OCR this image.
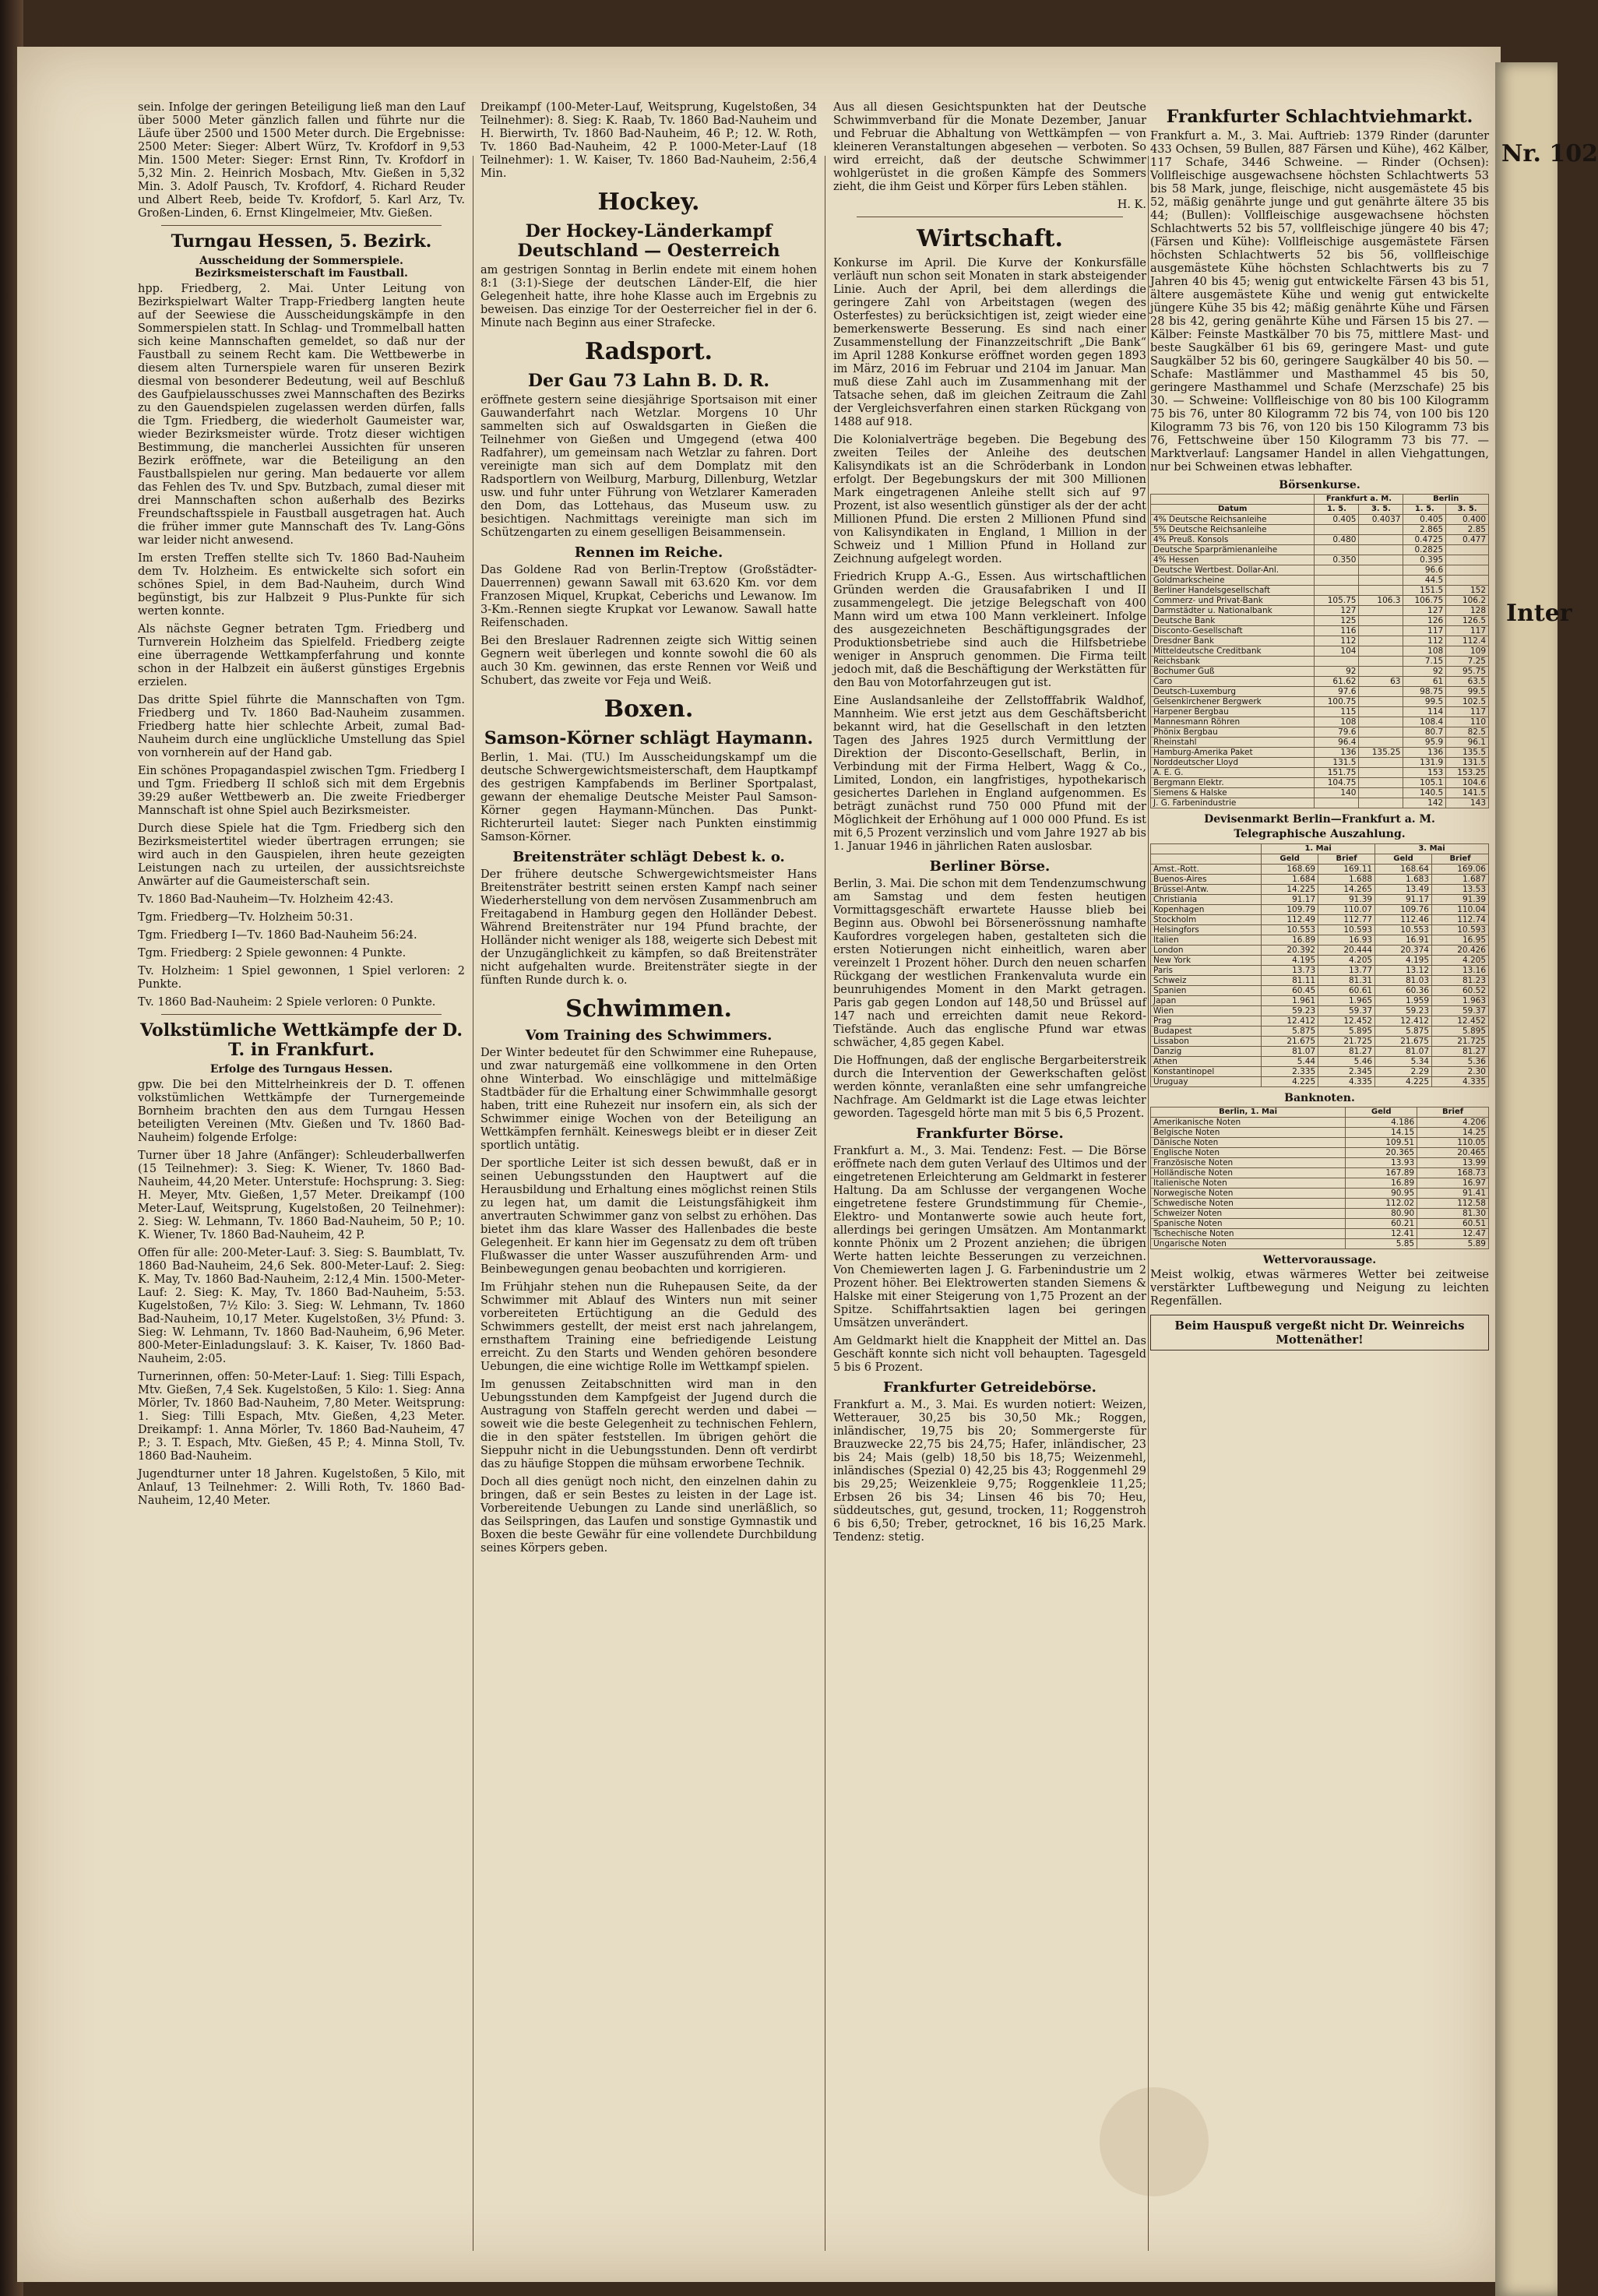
sein. Infolge der geringen Beteiligung ließ man den Lauf über 5000 Meter gänzlich fallen und führte nur die Läufe über 2500 und 1500 Meter durch. Die Ergebnisse: 2500 Meter: Sieger: Albert Würz, Tv. Krofdorf in 9,53 Min. 1500 Meter: Sieger: Ernst Rinn, Tv. Krofdorf in 5,32 Min. 2. Heinrich Mosbach, Mtv. Gießen in 5,32 Min. 3. Adolf Pausch, Tv. Krofdorf, 4. Richard Reuder und Albert Reeb, beide Tv. Krofdorf, 5. Karl Arz, Tv. Großen-Linden, 6. Ernst Klingelmeier, Mtv. Gießen.

Turngau Hessen, 5. Bezirk.
Ausscheidung der Sommerspiele. Bezirksmeisterschaft im Faustball.

hpp. Friedberg, 2. Mai. Unter Leitung von Bezirkspielwart Walter Trapp-Friedberg langten heute auf der Seewiese die Ausscheidungskämpfe in den Sommerspielen statt. In Schlag- und Trommelball hatten sich keine Mannschaften gemeldet, so daß nur der Faustball zu seinem Recht kam. Die Wettbewerbe in diesem alten Turnerspiele waren für unseren Bezirk diesmal von besonderer Bedeutung, weil auf Beschluß des Gaufpielausschusses zwei Mannschaften des Bezirks zu den Gauendspielen zugelassen werden dürfen, falls die Tgm. Friedberg, die wiederholt Gaumeister war, wieder Bezirksmeister würde. Trotz dieser wichtigen Bestimmung, die mancherlei Aussichten für unseren Bezirk eröffnete, war die Beteiligung an den Faustballspielen nur gering. Man bedauerte vor allem das Fehlen des Tv. und Spv. Butzbach, zumal dieser mit drei Mannschaften schon außerhalb des Bezirks Freundschaftsspiele in Faustball ausgetragen hat. Auch die früher immer gute Mannschaft des Tv. Lang-Göns war leider nicht anwesend.

Im ersten Treffen stellte sich Tv. 1860 Bad-Nauheim dem Tv. Holzheim. Es entwickelte sich sofort ein schönes Spiel, in dem Bad-Nauheim, durch Wind begünstigt, bis zur Halbzeit 9 Plus-Punkte für sich werten konnte.

Als nächste Gegner betraten Tgm. Friedberg und Turnverein Holzheim das Spielfeld. Friedberg zeigte eine überragende Wettkampferfahrung und konnte schon in der Halbzeit ein äußerst günstiges Ergebnis erzielen.

Das dritte Spiel führte die Mannschaften von Tgm. Friedberg und Tv. 1860 Bad-Nauheim zusammen. Friedberg hatte hier schlechte Arbeit, zumal Bad-Nauheim durch eine unglückliche Umstellung das Spiel von vornherein auf der Hand gab.

Ein schönes Propagandaspiel zwischen Tgm. Friedberg I und Tgm. Friedberg II schloß sich mit dem Ergebnis 39:29 außer Wettbewerb an. Die zweite Friedberger Mannschaft ist ohne Spiel auch Bezirksmeister.

Durch diese Spiele hat die Tgm. Friedberg sich den Bezirksmeistertitel wieder übertragen errungen; sie wird auch in den Gauspielen, ihren heute gezeigten Leistungen nach zu urteilen, der aussichtsreichste Anwärter auf die Gaumeisterschaft sein.

Tv. 1860 Bad-Nauheim—Tv. Holzheim 42:43.

Tgm. Friedberg—Tv. Holzheim 50:31.

Tgm. Friedberg I—Tv. 1860 Bad-Nauheim 56:24.

Tgm. Friedberg: 2 Spiele gewonnen: 4 Punkte.

Tv. Holzheim: 1 Spiel gewonnen, 1 Spiel verloren: 2 Punkte.

Tv. 1860 Bad-Nauheim: 2 Spiele verloren: 0 Punkte.

Volkstümliche Wettkämpfe der D. T. in Frankfurt.
Erfolge des Turngaus Hessen.

gpw. Die bei den Mittelrheinkreis der D. T. offenen volkstümlichen Wettkämpfe der Turnergemeinde Bornheim brachten den aus dem Turngau Hessen beteiligten Vereinen (Mtv. Gießen und Tv. 1860 Bad-Nauheim) folgende Erfolge:

Turner über 18 Jahre (Anfänger): Schleuderballwerfen (15 Teilnehmer): 3. Sieg: K. Wiener, Tv. 1860 Bad-Nauheim, 44,20 Meter. Unterstufe: Hochsprung: 3. Sieg: H. Meyer, Mtv. Gießen, 1,57 Meter. Dreikampf (100 Meter-Lauf, Weitsprung, Kugelstoßen, 20 Teilnehmer): 2. Sieg: W. Lehmann, Tv. 1860 Bad-Nauheim, 50 P.; 10. K. Wiener, Tv. 1860 Bad-Nauheim, 42 P.

Offen für alle: 200-Meter-Lauf: 3. Sieg: S. Baumblatt, Tv. 1860 Bad-Nauheim, 24,6 Sek. 800-Meter-Lauf: 2. Sieg: K. May, Tv. 1860 Bad-Nauheim, 2:12,4 Min. 1500-Meter-Lauf: 2. Sieg: K. May, Tv. 1860 Bad-Nauheim, 5:53. Kugelstoßen, 7½ Kilo: 3. Sieg: W. Lehmann, Tv. 1860 Bad-Nauheim, 10,17 Meter. Kugelstoßen, 3½ Pfund: 3. Sieg: W. Lehmann, Tv. 1860 Bad-Nauheim, 6,96 Meter. 800-Meter-Einladungslauf: 3. K. Kaiser, Tv. 1860 Bad-Nauheim, 2:05.

Turnerinnen, offen: 50-Meter-Lauf: 1. Sieg: Tilli Espach, Mtv. Gießen, 7,4 Sek. Kugelstoßen, 5 Kilo: 1. Sieg: Anna Mörler, Tv. 1860 Bad-Nauheim, 7,80 Meter. Weitsprung: 1. Sieg: Tilli Espach, Mtv. Gießen, 4,23 Meter. Dreikampf: 1. Anna Mörler, Tv. 1860 Bad-Nauheim, 47 P.; 3. T. Espach, Mtv. Gießen, 45 P.; 4. Minna Stoll, Tv. 1860 Bad-Nauheim.

Jugendturner unter 18 Jahren. Kugelstoßen, 5 Kilo, mit Anlauf, 13 Teilnehmer: 2. Willi Roth, Tv. 1860 Bad-Nauheim, 12,40 Meter.

Dreikampf (100-Meter-Lauf, Weitsprung, Kugelstoßen, 34 Teilnehmer): 8. Sieg: K. Raab, Tv. 1860 Bad-Nauheim und H. Bierwirth, Tv. 1860 Bad-Nauheim, 46 P.; 12. W. Roth, Tv. 1860 Bad-Nauheim, 42 P. 1000-Meter-Lauf (18 Teilnehmer): 1. W. Kaiser, Tv. 1860 Bad-Nauheim, 2:56,4 Min.

Hockey.
Der Hockey-Länderkampf Deutschland — Oesterreich

am gestrigen Sonntag in Berlin endete mit einem hohen 8:1 (3:1)-Siege der deutschen Länder-Elf, die hier Gelegenheit hatte, ihre hohe Klasse auch im Ergebnis zu beweisen. Das einzige Tor der Oesterreicher fiel in der 6. Minute nach Beginn aus einer Strafecke.

Radsport.
Der Gau 73 Lahn B. D. R.

eröffnete gestern seine diesjährige Sportsaison mit einer Gauwanderfahrt nach Wetzlar. Morgens 10 Uhr sammelten sich auf Oswaldsgarten in Gießen die Teilnehmer von Gießen und Umgegend (etwa 400 Radfahrer), um gemeinsam nach Wetzlar zu fahren. Dort vereinigte man sich auf dem Domplatz mit den Radsportlern von Weilburg, Marburg, Dillenburg, Wetzlar usw. und fuhr unter Führung von Wetzlarer Kameraden den Dom, das Lottehaus, das Museum usw. zu besichtigen. Nachmittags vereinigte man sich im Schützengarten zu einem geselligen Beisammensein.

Rennen im Reiche.

Das Goldene Rad von Berlin-Treptow (Großstädter-Dauerrennen) gewann Sawall mit 63.620 Km. vor dem Franzosen Miquel, Krupkat, Ceberichs und Lewanow. Im 3-Km.-Rennen siegte Krupkat vor Lewanow. Sawall hatte Reifenschaden.

Bei den Breslauer Radrennen zeigte sich Wittig seinen Gegnern weit überlegen und konnte sowohl die 60 als auch 30 Km. gewinnen, das erste Rennen vor Weiß und Schubert, das zweite vor Feja und Weiß.

Boxen.
Samson-Körner schlägt Haymann.

Berlin, 1. Mai. (TU.) Im Ausscheidungskampf um die deutsche Schwergewichtsmeisterschaft, dem Hauptkampf des gestrigen Kampfabends im Berliner Sportpalast, gewann der ehemalige Deutsche Meister Paul Samson-Körner gegen Haymann-München. Das Punkt-Richterurteil lautet: Sieger nach Punkten einstimmig Samson-Körner.

Breitensträter schlägt Debest k. o.

Der frühere deutsche Schwergewichtsmeister Hans Breitensträter bestritt seinen ersten Kampf nach seiner Wiederherstellung von dem nervösen Zusammenbruch am Freitagabend in Hamburg gegen den Holländer Debest. Während Breitensträter nur 194 Pfund brachte, der Holländer nicht weniger als 188, weigerte sich Debest mit der Unzugänglichkeit zu kämpfen, so daß Breitensträter nicht aufgehalten wurde. Breitensträter siegte in der fünften Runde durch k. o.

Schwimmen.
Vom Training des Schwimmers.

Der Winter bedeutet für den Schwimmer eine Ruhepause, und zwar naturgemäß eine vollkommene in den Orten ohne Winterbad. Wo einschlägige und mittelmäßige Stadtbäder für die Erhaltung einer Schwimmhalle gesorgt haben, tritt eine Ruhezeit nur insofern ein, als sich der Schwimmer einige Wochen von der Beteiligung an Wettkämpfen fernhält. Keineswegs bleibt er in dieser Zeit sportlich untätig.

Der sportliche Leiter ist sich dessen bewußt, daß er in seinen Uebungsstunden den Hauptwert auf die Herausbildung und Erhaltung eines möglichst reinen Stils zu legen hat, um damit die Leistungsfähigkeit ihm anvertrauten Schwimmer ganz von selbst zu erhöhen. Das bietet ihm das klare Wasser des Hallenbades die beste Gelegenheit. Er kann hier im Gegensatz zu dem oft trüben Flußwasser die unter Wasser auszuführenden Arm- und Beinbewegungen genau beobachten und korrigieren.

Im Frühjahr stehen nun die Ruhepausen Seite, da der Schwimmer mit Ablauf des Winters nun mit seiner vorbereiteten Ertüchtigung an die Geduld des Schwimmers gestellt, der meist erst nach jahrelangem, ernsthaftem Training eine befriedigende Leistung erreicht. Zu den Starts und Wenden gehören besondere Uebungen, die eine wichtige Rolle im Wettkampf spielen.

Im genussen Zeitabschnitten wird man in den Uebungsstunden dem Kampfgeist der Jugend durch die Austragung von Staffeln gerecht werden und dabei — soweit wie die beste Gelegenheit zu technischen Fehlern, die in den später feststellen. Im übrigen gehört die Sieppuhr nicht in die Uebungsstunden. Denn oft verdirbt das zu häufige Stoppen die mühsam erworbene Technik.

Doch all dies genügt noch nicht, den einzelnen dahin zu bringen, daß er sein Bestes zu leisten in der Lage ist. Vorbereitende Uebungen zu Lande sind unerläßlich, so das Seilspringen, das Laufen und sonstige Gymnastik und Boxen die beste Gewähr für eine vollendete Durchbildung seines Körpers geben.

Aus all diesen Gesichtspunkten hat der Deutsche Schwimmverband für die Monate Dezember, Januar und Februar die Abhaltung von Wettkämpfen — von kleineren Veranstaltungen abgesehen — verboten. So wird erreicht, daß der deutsche Schwimmer wohlgerüstet in die großen Kämpfe des Sommers zieht, die ihm Geist und Körper fürs Leben stählen.

H. K.

Wirtschaft.

Konkurse im April. Die Kurve der Konkursfälle verläuft nun schon seit Monaten in stark absteigender Linie. Auch der April, bei dem allerdings die geringere Zahl von Arbeitstagen (wegen des Osterfestes) zu berücksichtigen ist, zeigt wieder eine bemerkenswerte Besserung. Es sind nach einer Zusammenstellung der Finanzzeitschrift „Die Bank“ im April 1288 Konkurse eröffnet worden gegen 1893 im März, 2016 im Februar und 2104 im Januar. Man muß diese Zahl auch im Zusammenhang mit der Tatsache sehen, daß im gleichen Zeitraum die Zahl der Vergleichsverfahren einen starken Rückgang von 1488 auf 918.

Die Kolonialverträge begeben. Die Begebung des zweiten Teiles der Anleihe des deutschen Kalisyndikats ist an die Schröderbank in London erfolgt. Der Begebungskurs der mit 300 Millionen Mark eingetragenen Anleihe stellt sich auf 97 Prozent, ist also wesentlich günstiger als der der acht Millionen Pfund. Die ersten 2 Millionen Pfund sind von Kalisyndikaten in England, 1 Million in der Schweiz und 1 Million Pfund in Holland zur Zeichnung aufgelegt worden.

Friedrich Krupp A.-G., Essen. Aus wirtschaftlichen Gründen werden die Grausafabriken I und II zusammengelegt. Die jetzige Belegschaft von 400 Mann wird um etwa 100 Mann verkleinert. Infolge des ausgezeichneten Beschäftigungsgrades der Produktionsbetriebe sind auch die Hilfsbetriebe weniger in Anspruch genommen. Die Firma teilt jedoch mit, daß die Beschäftigung der Werkstätten für den Bau von Motorfahrzeugen gut ist.

Eine Auslandsanleihe der Zellstofffabrik Waldhof, Mannheim. Wie erst jetzt aus dem Geschäftsbericht bekannt wird, hat die Gesellschaft in den letzten Tagen des Jahres 1925 durch Vermittlung der Direktion der Disconto-Gesellschaft, Berlin, in Verbindung mit der Firma Helbert, Wagg & Co., Limited, London, ein langfristiges, hypothekarisch gesichertes Darlehen in England aufgenommen. Es beträgt zunächst rund 750 000 Pfund mit der Möglichkeit der Erhöhung auf 1 000 000 Pfund. Es ist mit 6,5 Prozent verzinslich und vom Jahre 1927 ab bis 1. Januar 1946 in jährlichen Raten auslosbar.

Berliner Börse.

Berlin, 3. Mai. Die schon mit dem Tendenzumschwung am Samstag und dem festen heutigen Vormittagsgeschäft erwartete Hausse blieb bei Beginn aus. Obwohl bei Börsenerössnung namhafte Kaufordres vorgelegen haben, gestalteten sich die ersten Notierungen nicht einheitlich, waren aber vereinzelt 1 Prozent höher. Durch den neuen scharfen Rückgang der westlichen Frankenvaluta wurde ein beunruhigendes Moment in den Markt getragen. Paris gab gegen London auf 148,50 und Brüssel auf 147 nach und erreichten damit neue Rekord-Tiefstände. Auch das englische Pfund war etwas schwächer, 4,85 gegen Kabel.

Die Hoffnungen, daß der englische Bergarbeiterstreik durch die Intervention der Gewerkschaften gelöst werden könnte, veranlaßten eine sehr umfangreiche Nachfrage. Am Geldmarkt ist die Lage etwas leichter geworden. Tagesgeld hörte man mit 5 bis 6,5 Prozent.

Frankfurter Börse.

Frankfurt a. M., 3. Mai. Tendenz: Fest. — Die Börse eröffnete nach dem guten Verlauf des Ultimos und der eingetretenen Erleichterung am Geldmarkt in festerer Haltung. Da am Schlusse der vergangenen Woche eingetretene festere Grundstimmung für Chemie-, Elektro- und Montanwerte sowie auch heute fort, allerdings bei geringen Umsätzen. Am Montanmarkt konnte Phönix um 2 Prozent anziehen; die übrigen Werte hatten leichte Besserungen zu verzeichnen. Von Chemiewerten lagen J. G. Farbenindustrie um 2 Prozent höher. Bei Elektrowerten standen Siemens & Halske mit einer Steigerung von 1,75 Prozent an der Spitze. Schiffahrtsaktien lagen bei geringen Umsätzen unverändert.

Am Geldmarkt hielt die Knappheit der Mittel an. Das Geschäft konnte sich nicht voll behaupten. Tagesgeld 5 bis 6 Prozent.

Frankfurter Getreidebörse.

Frankfurt a. M., 3. Mai. Es wurden notiert: Weizen, Wetterauer, 30,25 bis 30,50 Mk.; Roggen, inländischer, 19,75 bis 20; Sommergerste für Brauzwecke 22,75 bis 24,75; Hafer, inländischer, 23 bis 24; Mais (gelb) 18,50 bis 18,75; Weizenmehl, inländisches (Spezial 0) 42,25 bis 43; Roggenmehl 29 bis 29,25; Weizenkleie 9,75; Roggenkleie 11,25; Erbsen 26 bis 34; Linsen 46 bis 70; Heu, süddeutsches, gut, gesund, trocken, 11; Roggenstroh 6 bis 6,50; Treber, getrocknet, 16 bis 16,25 Mark. Tendenz: stetig.

Frankfurter Schlachtviehmarkt.

Frankfurt a. M., 3. Mai. Auftrieb: 1379 Rinder (darunter 433 Ochsen, 59 Bullen, 887 Färsen und Kühe), 462 Kälber, 117 Schafe, 3446 Schweine. — Rinder (Ochsen): Vollfleischige ausgewachsene höchsten Schlachtwerts 53 bis 58 Mark, junge, fleischige, nicht ausgemästete 45 bis 52, mäßig genährte junge und gut genährte ältere 35 bis 44; (Bullen): Vollfleischige ausgewachsene höchsten Schlachtwerts 52 bis 57, vollfleischige jüngere 40 bis 47; (Färsen und Kühe): Vollfleischige ausgemästete Färsen höchsten Schlachtwerts 52 bis 56, vollfleischige ausgemästete Kühe höchsten Schlachtwerts bis zu 7 Jahren 40 bis 45; wenig gut entwickelte Färsen 43 bis 51, ältere ausgemästete Kühe und wenig gut entwickelte jüngere Kühe 35 bis 42; mäßig genährte Kühe und Färsen 28 bis 42, gering genährte Kühe und Färsen 15 bis 27. — Kälber: Feinste Mastkälber 70 bis 75, mittlere Mast- und beste Saugkälber 61 bis 69, geringere Mast- und gute Saugkälber 52 bis 60, geringere Saugkälber 40 bis 50. — Schafe: Mastlämmer und Masthammel 45 bis 50, geringere Masthammel und Schafe (Merzschafe) 25 bis 30. — Schweine: Vollfleischige von 80 bis 100 Kilogramm 75 bis 76, unter 80 Kilogramm 72 bis 74, von 100 bis 120 Kilogramm 73 bis 76, von 120 bis 150 Kilogramm 73 bis 76, Fettschweine über 150 Kilogramm 73 bis 77. — Marktverlauf: Langsamer Handel in allen Viehgattungen, nur bei Schweinen etwas lebhafter.

Börsenkurse.
	Frankfurt a. M.		Berlin	
Datum	1. 5.	3. 5.	1. 5.	3. 5.
4% Deutsche Reichsanleihe	0.405	0.4037	0.405	0.400
5% Deutsche Reichsanleihe			2.865	2.85
4% Preuß. Konsols	0.480		0.4725	0.477
Deutsche Sparprämienanleihe			0.2825	
4% Hessen	0.350		0.395	
Deutsche Wertbest. Dollar-Anl.			96.6	
Goldmarkscheine			44.5	
Berliner Handelsgesellschaft			151.5	152
Commerz- und Privat-Bank	105.75	106.3	106.75	106.2
Darmstädter u. Nationalbank	127		127	128
Deutsche Bank	125		126	126.5
Disconto-Gesellschaft	116		117	117
Dresdner Bank	112		112	112.4
Mitteldeutsche Creditbank	104		108	109
Reichsbank			7.15	7.25
Bochumer Guß	92		92	95.75
Caro	61.62	63	61	63.5
Deutsch-Luxemburg	97.6		98.75	99.5
Gelsenkirchener Bergwerk	100.75		99.5	102.5
Harpener Bergbau	115		114	117
Mannesmann Röhren	108		108.4	110
Phönix Bergbau	79.6		80.7	82.5
Rheinstahl	96.4		95.9	96.1
Hamburg-Amerika Paket	136	135.25	136	135.5
Norddeutscher Lloyd	131.5		131.9	131.5
A. E. G.	151.75		153	153.25
Bergmann Elektr.	104.75		105.1	104.6
Siemens & Halske	140		140.5	141.5
J. G. Farbenindustrie			142	143
Devisenmarkt Berlin—Frankfurt a. M.
Telegraphische Auszahlung.
	1. Mai		3. Mai	
	Geld	Brief	Geld	Brief
Amst.-Rott.	168.69	169.11	168.64	169.06
Buenos-Aires	1.684	1.688	1.683	1.687
Brüssel-Antw.	14.225	14.265	13.49	13.53
Christiania	91.17	91.39	91.17	91.39
Kopenhagen	109.79	110.07	109.76	110.04
Stockholm	112.49	112.77	112.46	112.74
Helsingfors	10.553	10.593	10.553	10.593
Italien	16.89	16.93	16.91	16.95
London	20.392	20.444	20.374	20.426
New York	4.195	4.205	4.195	4.205
Paris	13.73	13.77	13.12	13.16
Schweiz	81.11	81.31	81.03	81.23
Spanien	60.45	60.61	60.36	60.52
Japan	1.961	1.965	1.959	1.963
Wien	59.23	59.37	59.23	59.37
Prag	12.412	12.452	12.412	12.452
Budapest	5.875	5.895	5.875	5.895
Lissabon	21.675	21.725	21.675	21.725
Danzig	81.07	81.27	81.07	81.27
Athen	5.44	5.46	5.34	5.36
Konstantinopel	2.335	2.345	2.29	2.30
Uruguay	4.225	4.335	4.225	4.335
Banknoten.
Berlin, 1. Mai	Geld	Brief
Amerikanische Noten	4.186	4.206
Belgische Noten	14.15	14.25
Dänische Noten	109.51	110.05
Englische Noten	20.365	20.465
Französische Noten	13.93	13.99
Holländische Noten	167.89	168.73
Italienische Noten	16.89	16.97
Norwegische Noten	90.95	91.41
Schwedische Noten	112.02	112.58
Schweizer Noten	80.90	81.30
Spanische Noten	60.21	60.51
Tschechische Noten	12.41	12.47
Ungarische Noten	5.85	5.89
Wettervoraussage.

Meist wolkig, etwas wärmeres Wetter bei zeitweise verstärkter Luftbewegung und Neigung zu leichten Regenfällen.

Beim Hauspuß vergeßt nicht Dr. Weinreichs Mottenäther!
Nr. 102
Inter
